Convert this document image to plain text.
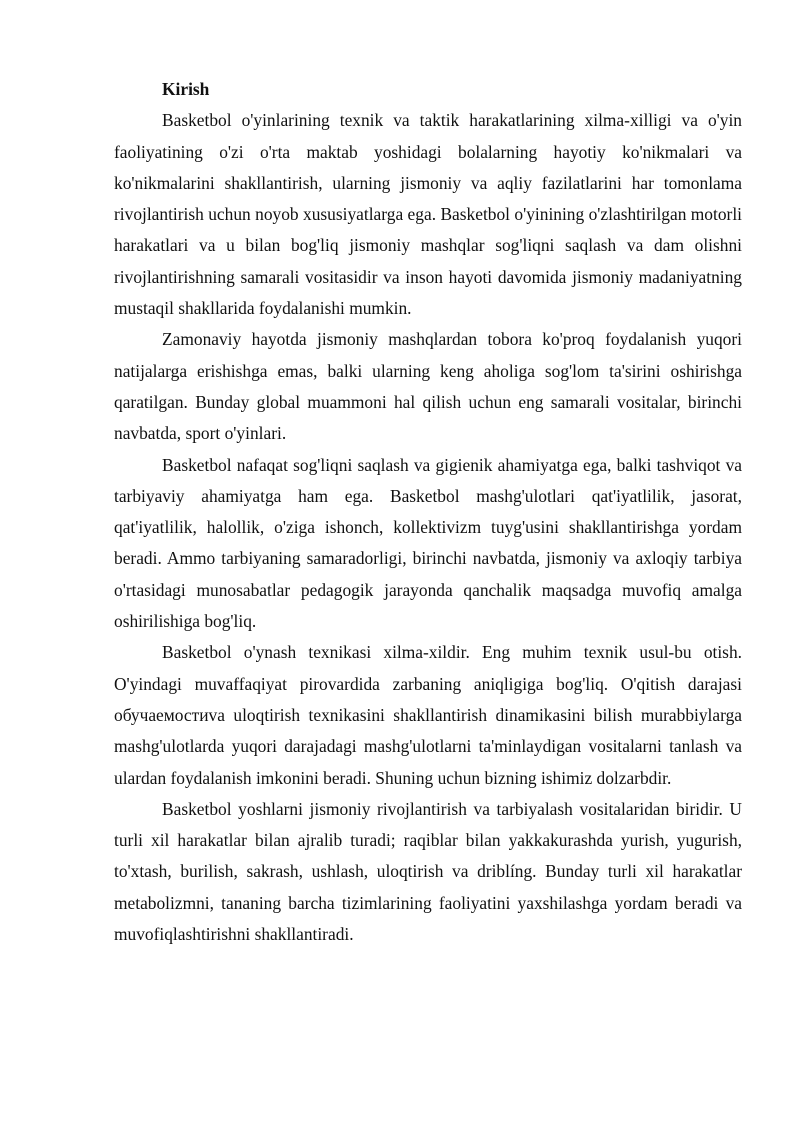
Kirish

Basketbol o'yinlarining texnik va taktik harakatlarining xilma-xilligi va o'yin faoliyatining o'zi o'rta maktab yoshidagi bolalarning hayotiy ko'nikmalari va ko'nikmalarini shakllantirish, ularning jismoniy va aqliy fazilatlarini har tomonlama rivojlantirish uchun noyob xususiyatlarga ega. Basketbol o'yinining o'zlashtirilgan motorli harakatlari va u bilan bog'liq jismoniy mashqlar sog'liqni saqlash va dam olishni rivojlantirishning samarali vositasidir va inson hayoti davomida jismoniy madaniyatning mustaqil shakllarida foydalanishi mumkin.

Zamonaviy hayotda jismoniy mashqlardan tobora ko'proq foydalanish yuqori natijalarga erishishga emas, balki ularning keng aholiga sog'lom ta'sirini oshirishga qaratilgan. Bunday global muammoni hal qilish uchun eng samarali vositalar, birinchi navbatda, sport o'yinlari.

Basketbol nafaqat sog'liqni saqlash va gigienik ahamiyatga ega, balki tashviqot va tarbiyaviy ahamiyatga ham ega. Basketbol mashg'ulotlari qat'iyatlilik, jasorat, qat'iyatlilik, halollik, o'ziga ishonch, kollektivizm tuyg'usini shakllantirishga yordam beradi. Ammo tarbiyaning samaradorligi, birinchi navbatda, jismoniy va axloqiy tarbiya o'rtasidagi munosabatlar pedagogik jarayonda qanchalik maqsadga muvofiq amalga oshirilishiga bog'liq.

Basketbol o'ynash texnikasi xilma-xildir. Eng muhim texnik usul-bu otish. O'yindagi muvaffaqiyat pirovardida zarbaning aniqligiga bog'liq. O'qitish darajasi обучаемостиva uloqtirish texnikasini shakllantirish dinamikasini bilish murabbiylarga mashg'ulotlarda yuqori darajadagi mashg'ulotlarni ta'minlaydigan vositalarni tanlash va ulardan foydalanish imkonini beradi. Shuning uchun bizning ishimiz dolzarbdir.

Basketbol yoshlarni jismoniy rivojlantirish va tarbiyalash vositalaridan biridir. U turli xil harakatlar bilan ajralib turadi; raqiblar bilan yakkakurashda yurish, yugurish, to'xtash, burilish, sakrash, ushlash, uloqtirish va driblíng. Bunday turli xil harakatlar metabolizmni, tananing barcha tizimlarining faoliyatini yaxshilashga yordam beradi va muvofiqlashtirishni shakllantiradi.
